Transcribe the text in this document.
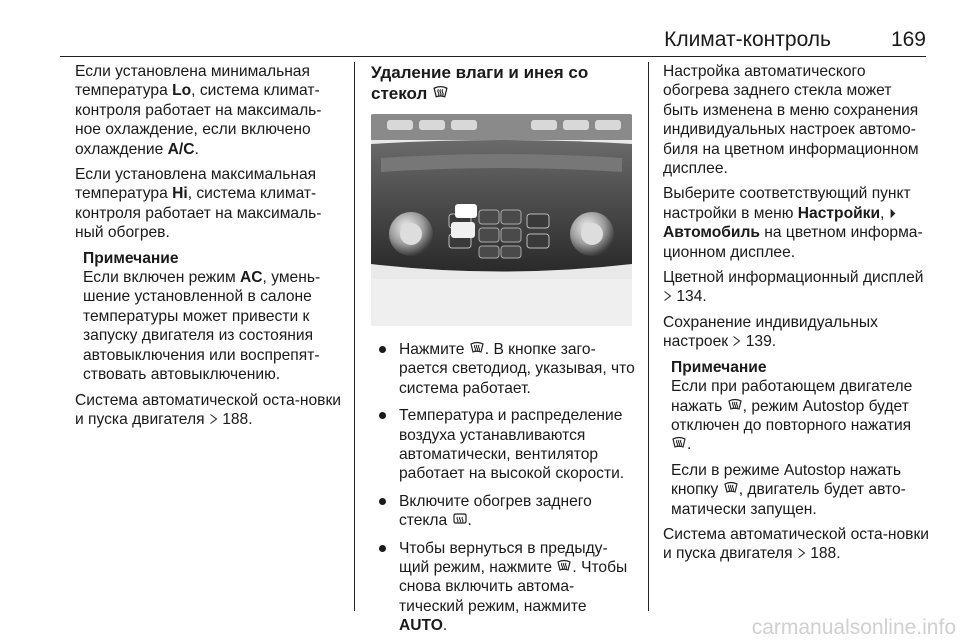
Климат-контроль	169

Если установлена минимальная температура Lo, система климат-контроля работает на максималь-ное охлаждение, если включено охлаждение A/C.

Если установлена максимальная температура Hi, система климат-контроля работает на максималь-ный обогрев.

Примечание

Если включен режим AC, умень-шение установленной в салоне температуры может привести к запуску двигателя из состояния автовыключения или воспрепят-ствовать автовыключению.

Система автоматической оста-новки и пуска двигателя  188.

Удаление влаги и инея со стекол
Нажмите . В кнопке заго-рается светодиод, указывая, что система работает.
Температура и распределение воздуха устанавливаются автоматически, вентилятор работает на высокой скорости.
Включите обогрев заднего стекла .
Чтобы вернуться в предыду-щий режим, нажмите . Чтобы снова включить автома-тический режим, нажмите AUTO.

Настройка автоматического обогрева заднего стекла может быть изменена в меню сохранения индивидуальных настроек автомо-биля на цветном информационном дисплее.

Выберите соответствующий пункт настройки в меню Настройки,
Автомобиль на цветном информа-ционном дисплее.

Цветной информационный дисплей  134.

Сохранение индивидуальных настроек  139.

Примечание

Если при работающем двигателе нажать , режим Autostop будет отключен до повторного нажатия .

Если в режиме Autostop нажать кнопку , двигатель будет авто-матически запущен.

Система автоматической оста-новки и пуска двигателя  188.

carmanualsonline.info
